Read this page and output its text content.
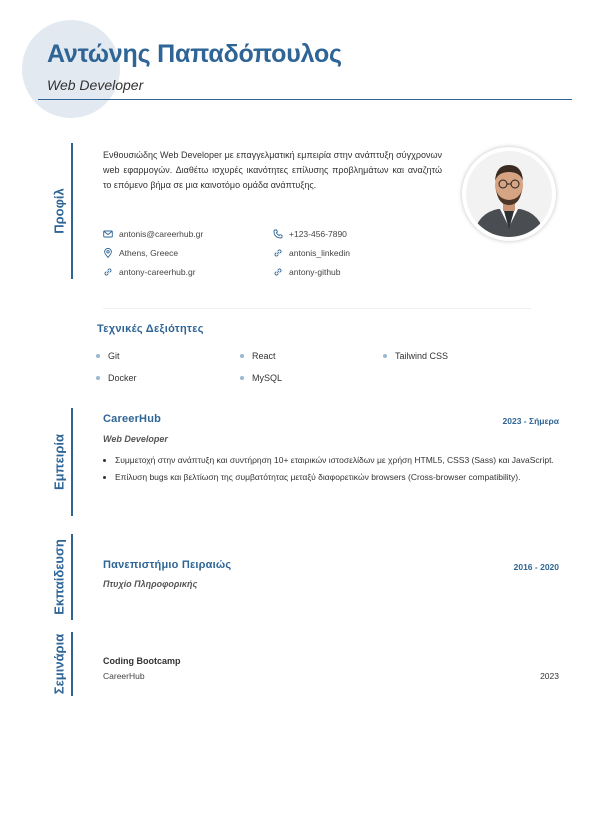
Αντώνης Παπαδόπουλος
Web Developer
Προφίλ
Ενθουσιώδης Web Developer με επαγγελματική εμπειρία στην ανάπτυξη σύγχρονων web εφαρμογών. Διαθέτω ισχυρές ικανότητες επίλυσης προβλημάτων και αναζητώ το επόμενο βήμα σε μια καινοτόμο ομάδα ανάπτυξης.
antonis@careerhub.gr	+123-456-7890
Athens, Greece	antonis_linkedin
antony-careerhub.gr	antony-github
Τεχνικές Δεξιότητες
Git	React	Tailwind CSS
Docker	MySQL
Εμπειρία
CareerHub	2023 - Σήμερα
Web Developer
• Συμμετοχή στην ανάπτυξη και συντήρηση 10+ εταιρικών ιστοσελίδων με χρήση HTML5, CSS3 (Sass) και JavaScript.
• Επίλυση bugs και βελτίωση της συμβατότητας μεταξύ διαφορετικών browsers (Cross-browser compatibility).
Εκπαίδευση	Πανεπιστήμιο Πειραιώς	2016 - 2020
Πτυχίο Πληροφορικής
Σεμινάρια	Coding Bootcamp
CareerHub	2023
